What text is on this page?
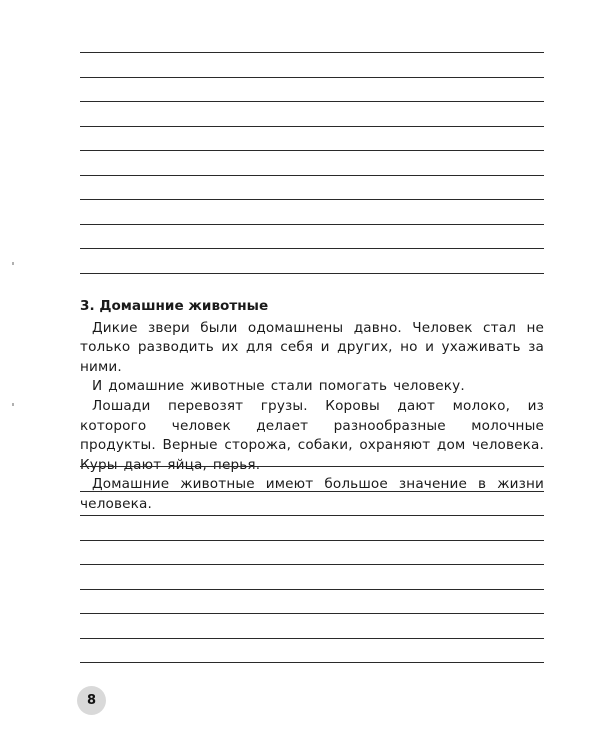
3. Домашние животные

Дикие звери были одомашнены давно. Человек стал не только разводить их для себя и других, но и ухаживать за ними.

И домашние животные стали помогать человеку.

Лошади перевозят грузы. Коровы дают молоко, из которого человек делает разнообразные молочные продукты. Верные сторожа, собаки, охраняют дом человека. Куры дают яйца, перья.

Домашние животные имеют большое значение в жизни человека.

8
